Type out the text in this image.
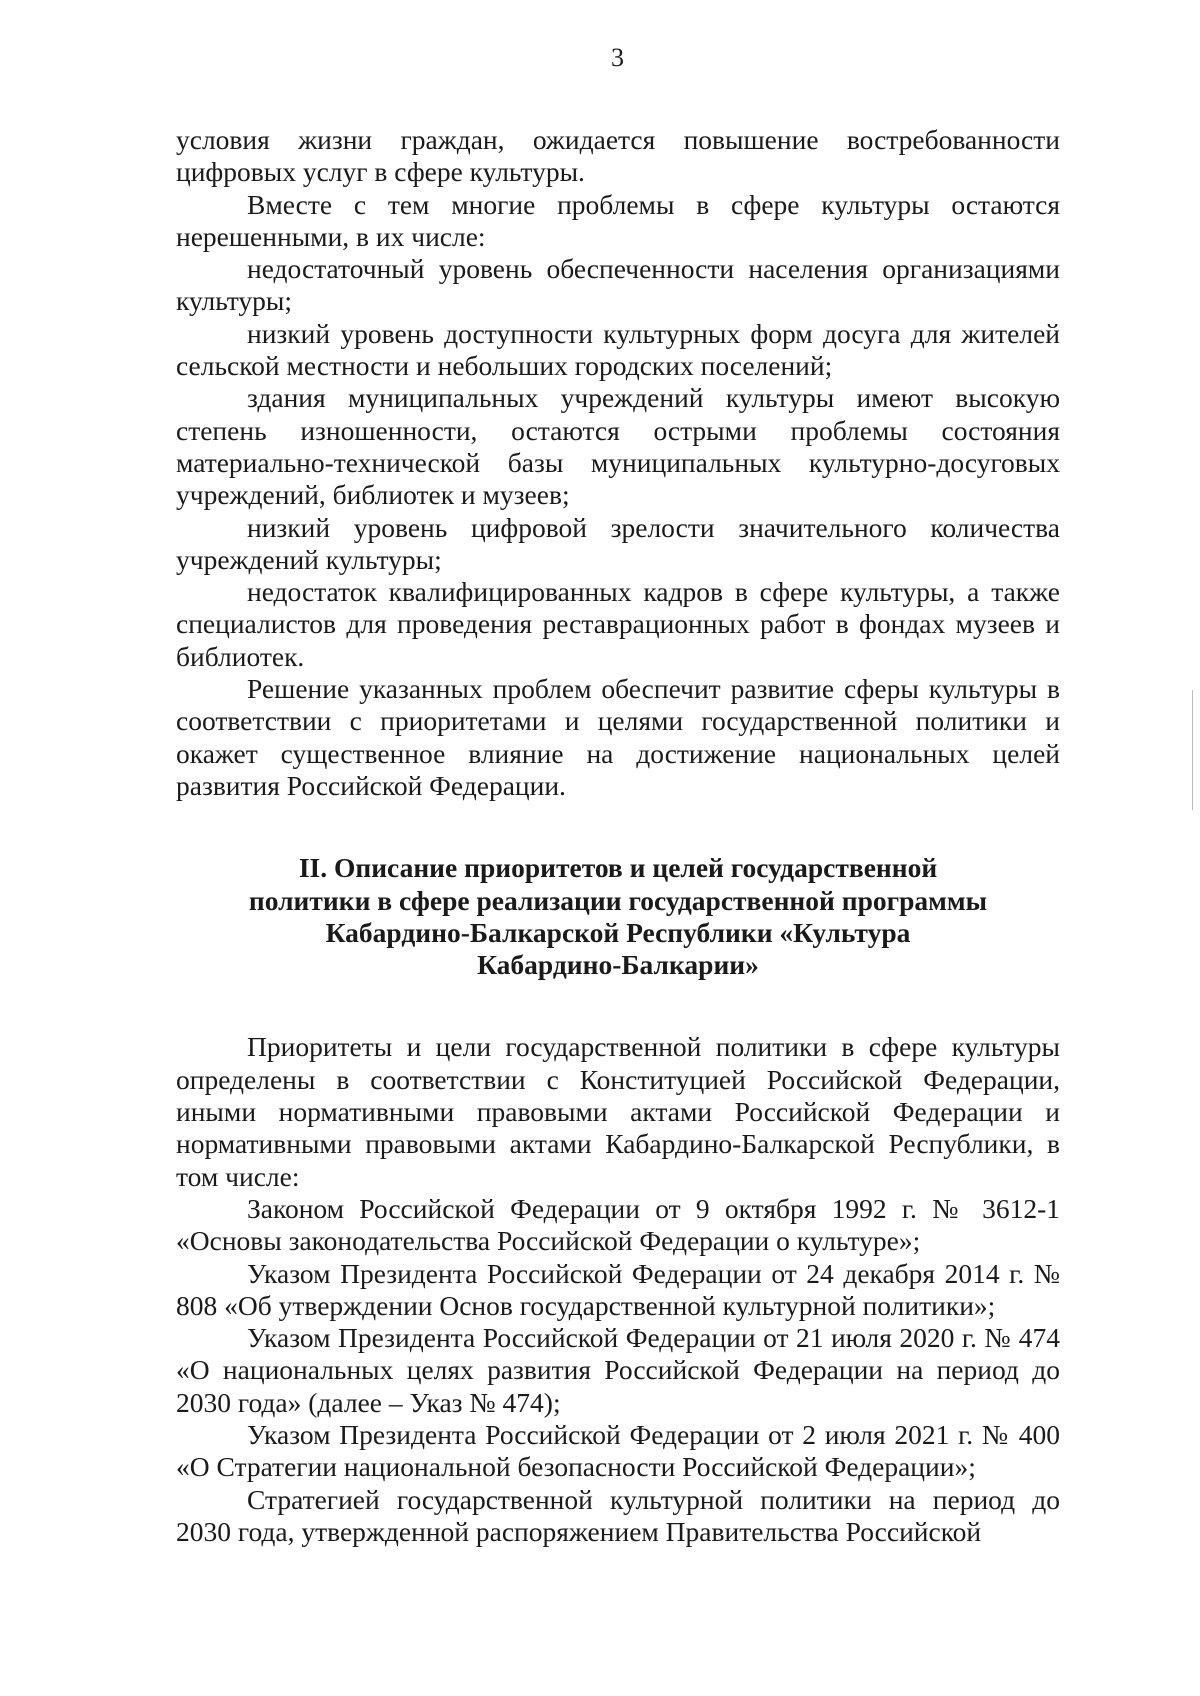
3

условия жизни граждан, ожидается повышение востребованности цифровых услуг в сфере культуры.

Вместе с тем многие проблемы в сфере культуры остаются нерешенными, в их числе:

недостаточный уровень обеспеченности населения организациями культуры;

низкий уровень доступности культурных форм досуга для жителей сельской местности и небольших городских поселений;

здания муниципальных учреждений культуры имеют высокую степень изношенности, остаются острыми проблемы состояния материально-технической базы муниципальных культурно-досуговых учреждений, библиотек и музеев;

низкий уровень цифровой зрелости значительного количества учреждений культуры;

недостаток квалифицированных кадров в сфере культуры, а также специалистов для проведения реставрационных работ в фондах музеев и библиотек.

Решение указанных проблем обеспечит развитие сферы культуры в соответствии с приоритетами и целями государственной политики и окажет существенное влияние на достижение национальных целей развития Российской Федерации.

II. Описание приоритетов и целей государственной
политики в сфере реализации государственной программы
Кабардино-Балкарской Республики «Культура
Кабардино-Балкарии»

Приоритеты и цели государственной политики в сфере культуры определены в соответствии с Конституцией Российской Федерации, иными нормативными правовыми актами Российской Федерации и нормативными правовыми актами Кабардино-Балкарской Республики, в том числе:

Законом Российской Федерации от 9 октября 1992 г. № 3612-1 «Основы законодательства Российской Федерации о культуре»;

Указом Президента Российской Федерации от 24 декабря 2014 г. № 808 «Об утверждении Основ государственной культурной политики»;

Указом Президента Российской Федерации от 21 июля 2020 г. № 474 «О национальных целях развития Российской Федерации на период до 2030 года» (далее – Указ № 474);

Указом Президента Российской Федерации от 2 июля 2021 г. № 400 «О Стратегии национальной безопасности Российской Федерации»;

Стратегией государственной культурной политики на период до 2030 года, утвержденной распоряжением Правительства Российской
